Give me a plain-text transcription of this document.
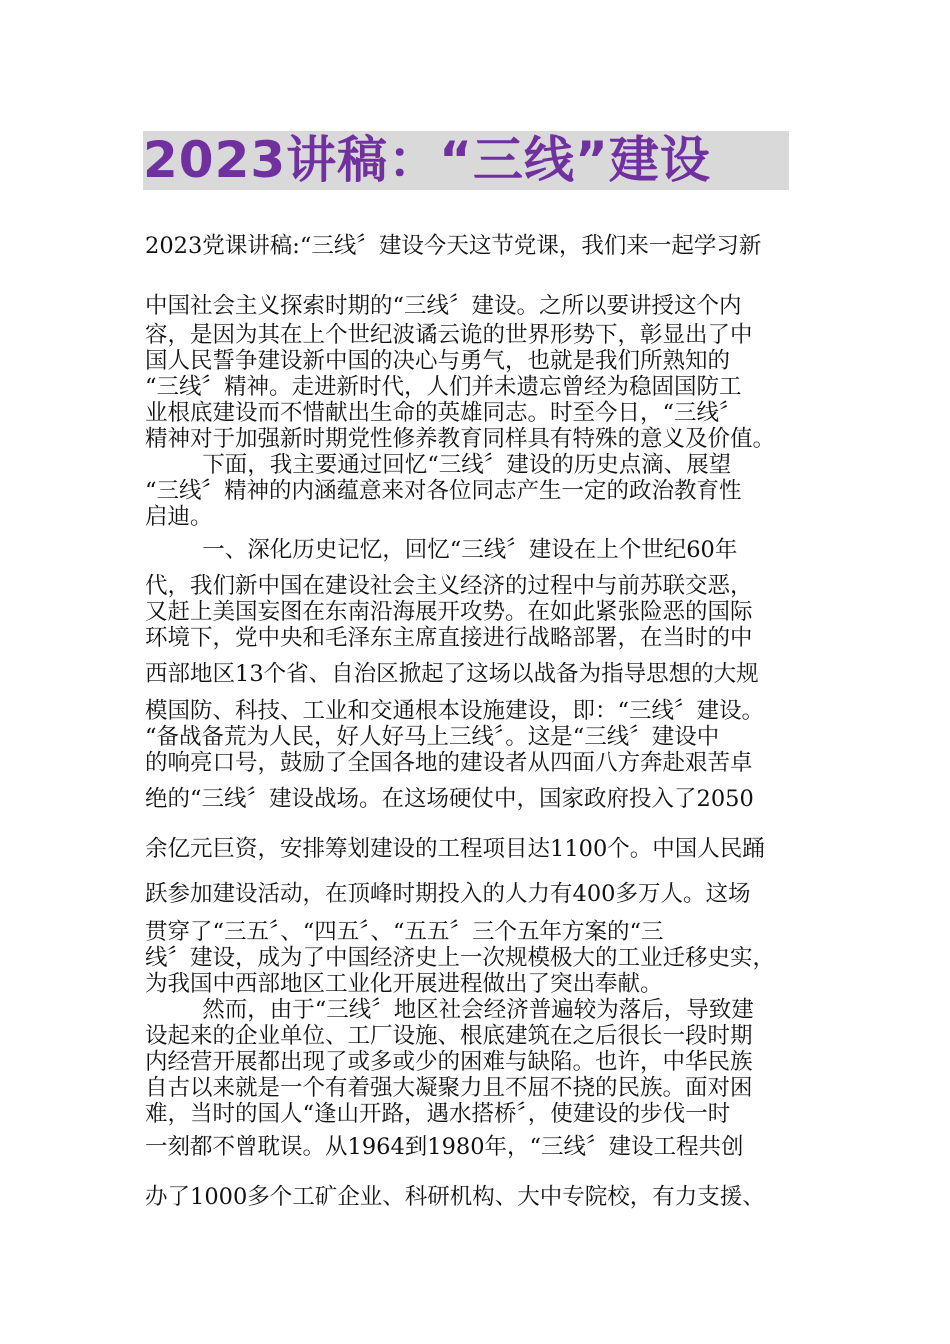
2023讲稿：“三线”建设
2023党课讲稿:“三线〞建设今天这节党课，我们来一起学习新
中国社会主义探索时期的“三线〞建设。之所以要讲授这个内
容，是因为其在上个世纪波谲云诡的世界形势下，彰显出了中
国人民誓争建设新中国的决心与勇气，也就是我们所熟知的
“三线〞精神。走进新时代，人们并未遗忘曾经为稳固国防工
业根底建设而不惜献出生命的英雄同志。时至今日，“三线〞
精神对于加强新时期党性修养教育同样具有特殊的意义及价值。
下面，我主要通过回忆“三线〞建设的历史点滴、展望
“三线〞精神的内涵蕴意来对各位同志产生一定的政治教育性
启迪。
一、深化历史记忆，回忆“三线〞建设在上个世纪60年
代，我们新中国在建设社会主义经济的过程中与前苏联交恶，
又赶上美国妄图在东南沿海展开攻势。在如此紧张险恶的国际
环境下，党中央和毛泽东主席直接进行战略部署，在当时的中
西部地区13个省、自治区掀起了这场以战备为指导思想的大规
模国防、科技、工业和交通根本设施建设，即：“三线〞建设。
“备战备荒为人民，好人好马上三线〞。这是“三线〞建设中
的响亮口号，鼓励了全国各地的建设者从四面八方奔赴艰苦卓
绝的“三线〞建设战场。在这场硬仗中，国家政府投入了2050
余亿元巨资，安排筹划建设的工程项目达1100个。中国人民踊
跃参加建设活动，在顶峰时期投入的人力有400多万人。这场
贯穿了“三五〞、“四五〞、“五五〞三个五年方案的“三
线〞建设，成为了中国经济史上一次规模极大的工业迁移史实，
为我国中西部地区工业化开展进程做出了突出奉献。
然而，由于“三线〞地区社会经济普遍较为落后，导致建
设起来的企业单位、工厂设施、根底建筑在之后很长一段时期
内经营开展都出现了或多或少的困难与缺陷。也许，中华民族
自古以来就是一个有着强大凝聚力且不屈不挠的民族。面对困
难，当时的国人“逢山开路，遇水搭桥〞，使建设的步伐一时
一刻都不曾耽误。从1964到1980年，“三线〞建设工程共创
办了1000多个工矿企业、科研机构、大中专院校，有力支援、
